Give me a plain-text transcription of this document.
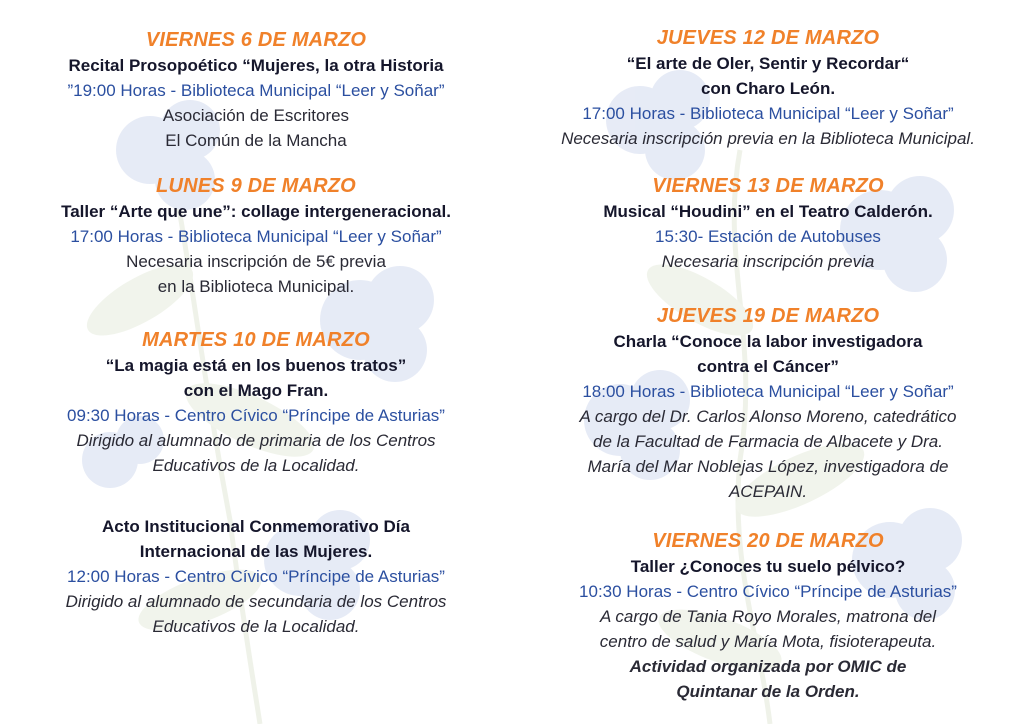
VIERNES 6 DE MARZO
Recital Prosopoético “Mujeres, la otra Historia
”19:00 Horas - Biblioteca Municipal “Leer y Soñar”
Asociación de Escritores
El Común de la Mancha
LUNES 9 DE MARZO
Taller “Arte que une”: collage intergeneracional.
17:00 Horas - Biblioteca Municipal “Leer y Soñar”
Necesaria inscripción de 5€ previa
en la Biblioteca Municipal.
MARTES 10 DE MARZO
“La magia está en los buenos tratos”
con el Mago Fran.
09:30 Horas - Centro Cívico “Príncipe de Asturias”
Dirigido al alumnado de primaria de los Centros
Educativos de la Localidad.
Acto Institucional Conmemorativo Día
Internacional de las Mujeres.
12:00 Horas - Centro Cívico “Príncipe de Asturias”
Dirigido al alumnado de secundaria de los Centros
Educativos de la Localidad.
JUEVES 12 DE MARZO
“El arte de Oler, Sentir y Recordar“
con Charo León.
17:00 Horas - Biblioteca Municipal “Leer y Soñar”
Necesaria inscripción previa en la Biblioteca Municipal.
VIERNES 13 DE MARZO
Musical “Houdini” en el Teatro Calderón.
15:30- Estación de Autobuses
Necesaria inscripción previa
JUEVES 19 DE MARZO
Charla “Conoce la labor investigadora
contra el Cáncer”
18:00 Horas - Biblioteca Municipal “Leer y Soñar”
A cargo del Dr. Carlos Alonso Moreno, catedrático
de la Facultad de Farmacia de Albacete y Dra.
María del Mar Noblejas López, investigadora de
ACEPAIN.
VIERNES 20 DE MARZO
Taller ¿Conoces tu suelo pélvico?
10:30 Horas - Centro Cívico “Príncipe de Asturias”
A cargo de Tania Royo Morales, matrona del
centro de salud y María Mota, fisioterapeuta.
Actividad organizada por OMIC de
Quintanar de la Orden.
